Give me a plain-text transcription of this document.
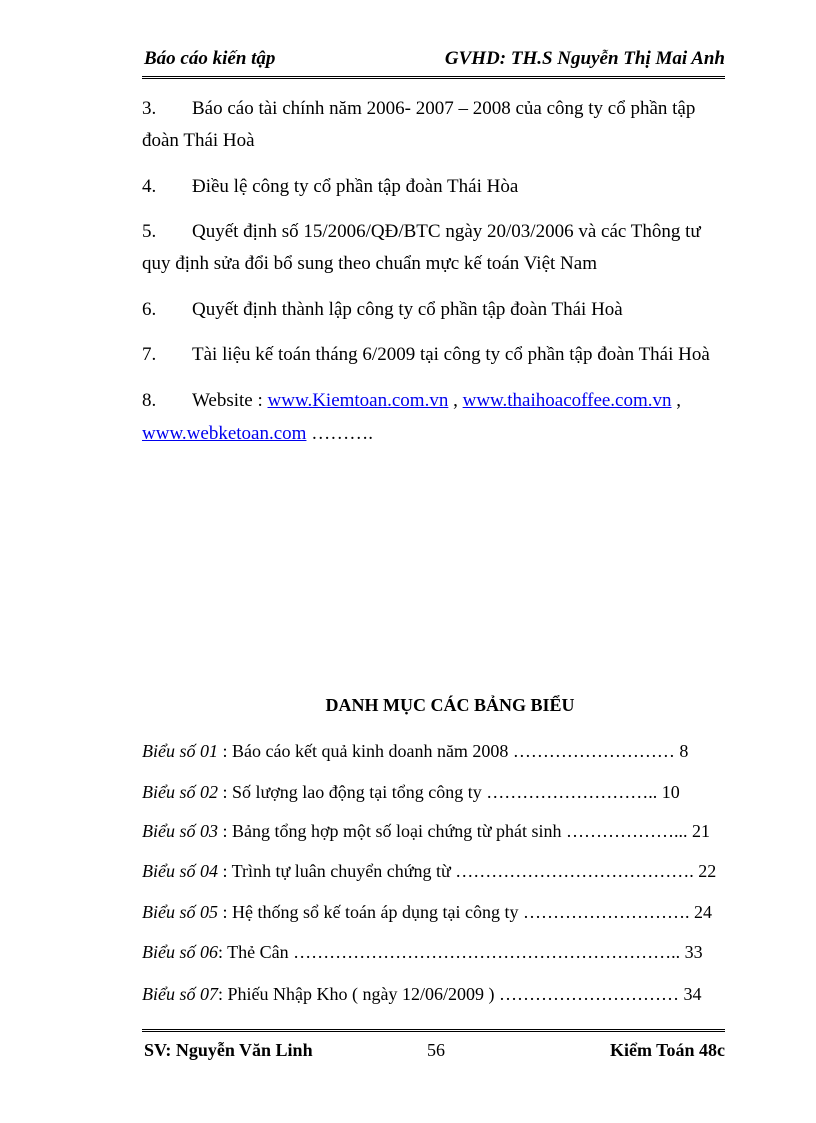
Báo cáo kiến tập	GVHD: TH.S Nguyễn Thị Mai Anh
3. Báo cáo tài chính năm 2006- 2007 – 2008 của công ty cổ phần tập
đoàn Thái Hoà
4. Điều lệ công ty cổ phần tập đoàn Thái Hòa
5. Quyết định số 15/2006/QĐ/BTC ngày 20/03/2006 và các Thông tư
quy định sửa đổi bổ sung theo chuẩn mực kế toán Việt Nam
6. Quyết định thành lập công ty cổ phần tập đoàn Thái Hoà
7. Tài liệu kế toán tháng 6/2009 tại công ty cổ phần tập đoàn Thái Hoà
8. Website : www.Kiemtoan.com.vn , www.thaihoacoffee.com.vn ,
www.webketoan.com ……….
DANH MỤC CÁC BẢNG BIỂU
Biểu số 01 : Báo cáo kết quả kinh doanh năm 2008 ……………………… 8
Biểu số 02 : Số lượng lao động tại tổng công ty ……………………….. 10
Biểu số 03 : Bảng tổng hợp một số loại chứng từ phát sinh ………………... 21
Biểu số 04 : Trình tự luân chuyển chứng từ …………………………………. 22
Biểu số 05 : Hệ thống sổ kế toán áp dụng tại công ty ………………………. 24
Biểu số 06: Thẻ Cân ……………………………………………………….. 33
Biểu số 07: Phiếu Nhập Kho ( ngày 12/06/2009 ) ………………………… 34
SV: Nguyễn Văn Linh	56	Kiểm Toán 48c
